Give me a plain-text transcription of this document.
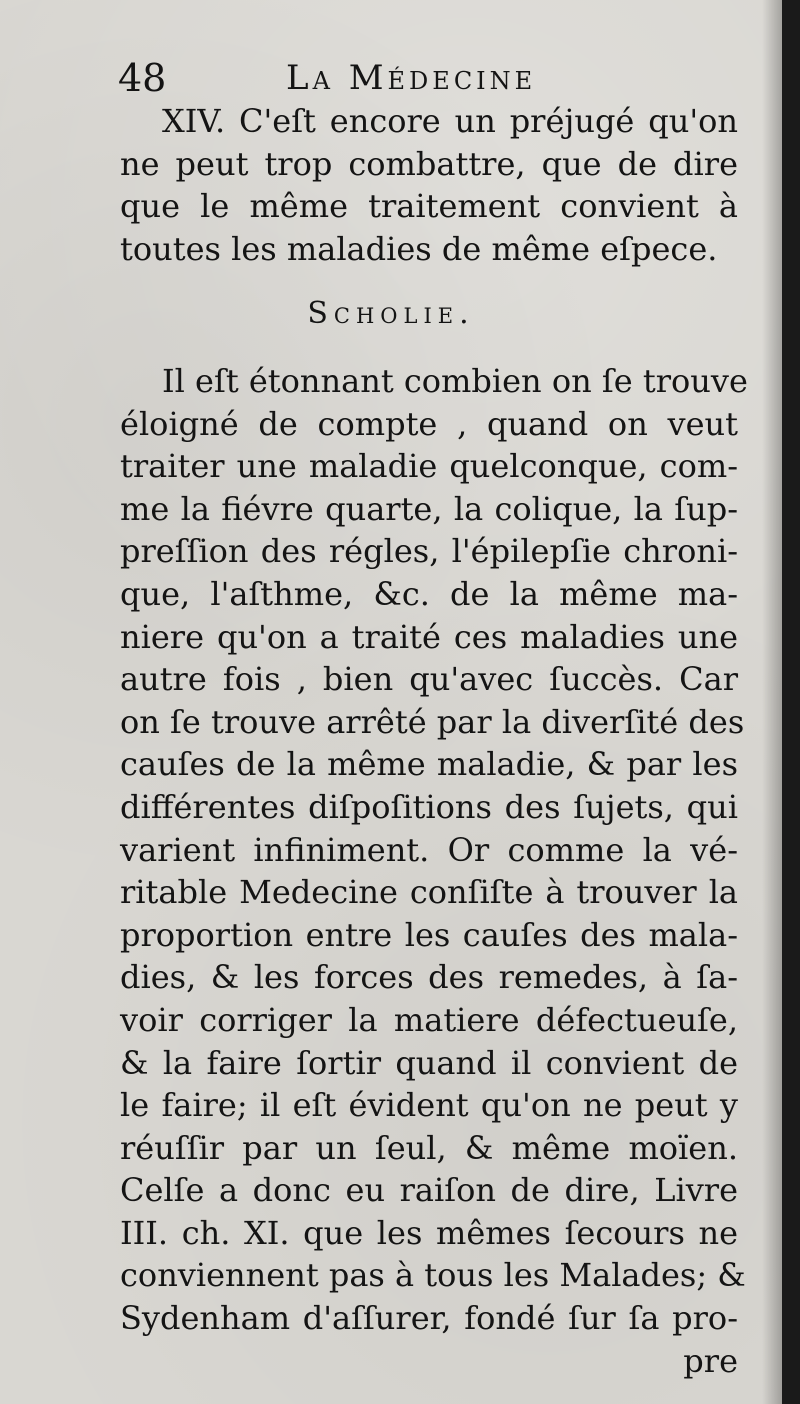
48	La Médecine
XIV. C'eſt encore un préjugé qu'on
ne peut trop combattre, que de dire
que le même traitement convient à
toutes les maladies de même eſpece.
Scholie.
Il eſt étonnant combien on ſe trouve
éloigné de compte , quand on veut
traiter une maladie quelconque, com-
me la fiévre quarte, la colique, la ſup-
preſſion des régles, l'épilepſie chroni-
que, l'aſthme, &c. de la même ma-
niere qu'on a traité ces maladies une
autre fois , bien qu'avec ſuccès. Car
on ſe trouve arrêté par la diverſité des
cauſes de la même maladie, & par les
différentes diſpoſitions des ſujets, qui
varient infiniment. Or comme la vé-
ritable Medecine conſiſte à trouver la
proportion entre les cauſes des mala-
dies, & les forces des remedes, à ſa-
voir corriger la matiere défectueuſe,
& la faire ſortir quand il convient de
le faire; il eſt évident qu'on ne peut y
réuſſir par un ſeul, & même moïen.
Celſe a donc eu raiſon de dire, Livre
III. ch. XI. que les mêmes ſecours ne
conviennent pas à tous les Malades; &
Sydenham d'aſſurer, fondé ſur ſa pro-
pre
